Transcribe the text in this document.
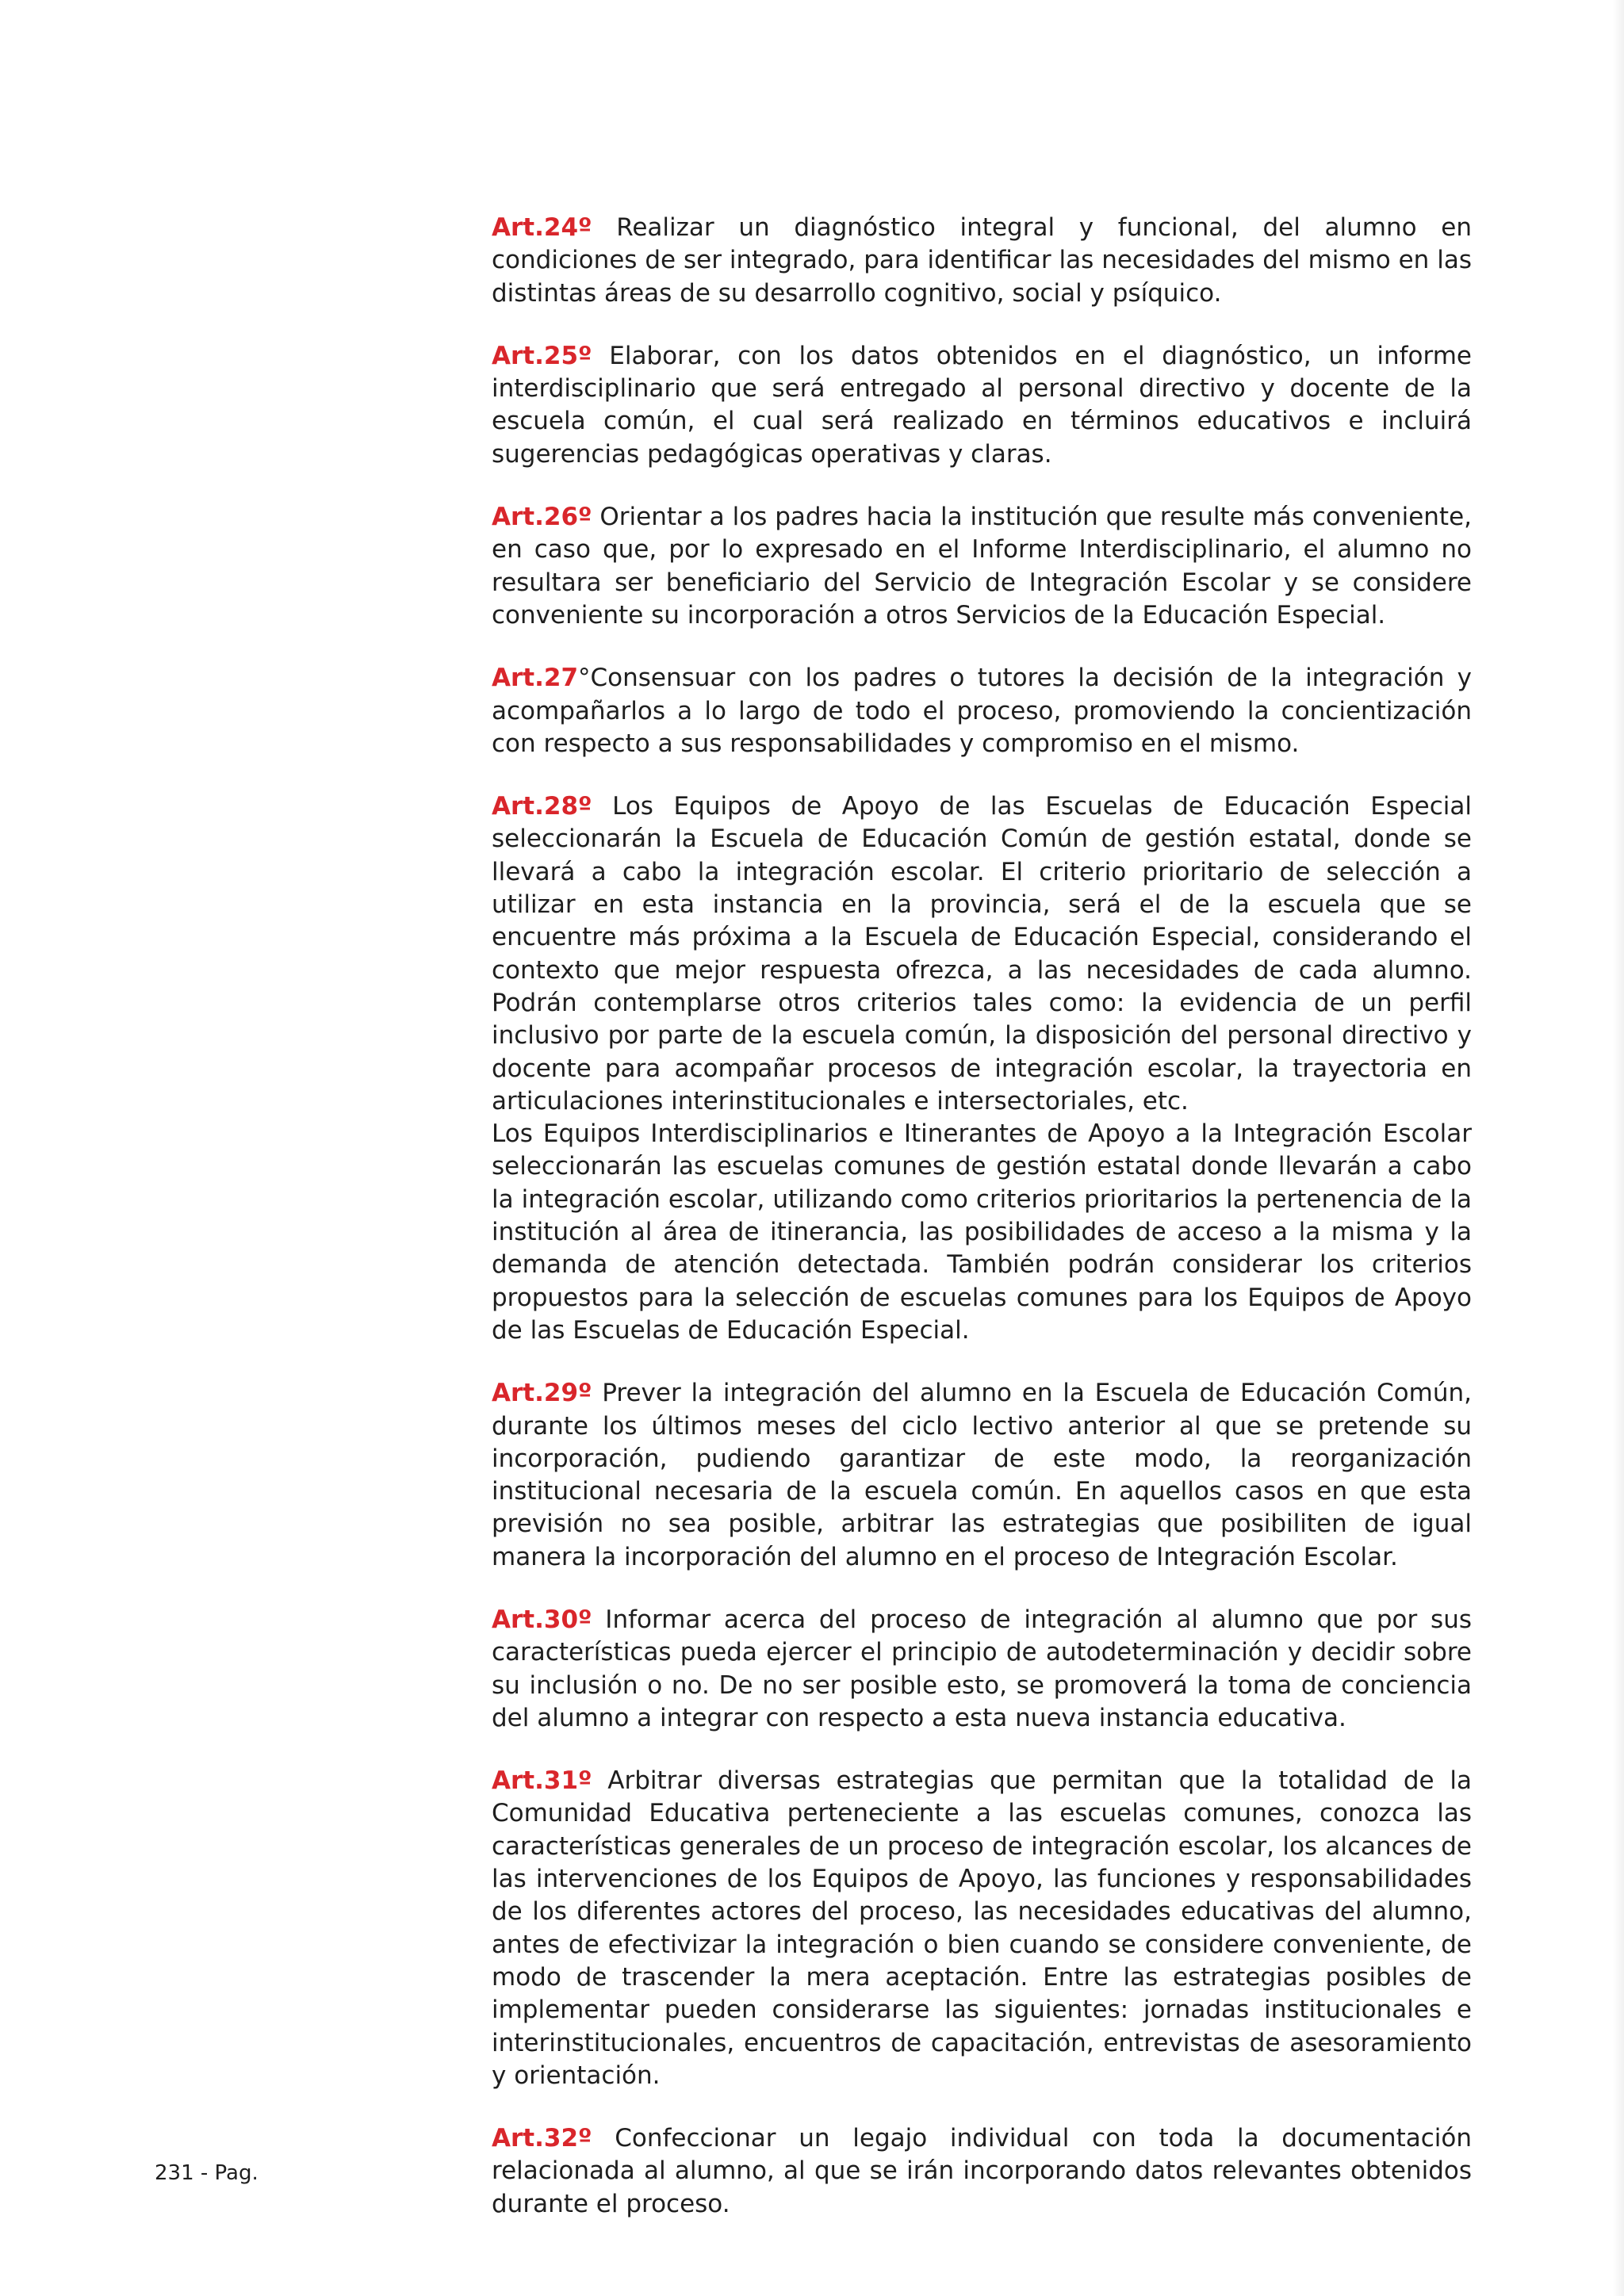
Art.24º Realizar un diagnóstico integral y funcional, del alumno en condiciones de ser integrado, para identificar las necesidades del mismo en las distintas áreas de su desarrollo cognitivo, social y psíquico.

Art.25º Elaborar, con los datos obtenidos en el diagnóstico, un informe interdisciplinario que será entregado al personal directivo y docente de la escuela común, el cual será realizado en términos educativos e incluirá sugerencias pedagógicas operativas y claras.

Art.26º Orientar a los padres hacia la institución que resulte más conveniente, en caso que, por lo expresado en el Informe Interdisciplinario, el alumno no resultara ser beneficiario del Servicio de Integración Escolar y se considere conveniente su incorporación a otros Servicios de la Educación Especial.

Art.27°Consensuar con los padres o tutores la decisión de la integración y acompañarlos a lo largo de todo el proceso, promoviendo la concientización con respecto a sus responsabilidades y compromiso en el mismo.

Art.28º Los Equipos de Apoyo de las Escuelas de Educación Especial seleccionarán la Escuela de Educación Común de gestión estatal, donde se llevará a cabo la integración escolar. El criterio prioritario de selección a utilizar en esta instancia en la provincia, será el de la escuela que se encuentre más próxima a la Escuela de Educación Especial, considerando el contexto que mejor respuesta ofrezca, a las necesidades de cada alumno. Podrán contemplarse otros criterios tales como: la evidencia de un perfil inclusivo por parte de la escuela común, la disposición del personal directivo y docente para acompañar procesos de integración escolar, la trayectoria en articulaciones interinstitucionales e intersectoriales, etc.

Los Equipos Interdisciplinarios e Itinerantes de Apoyo a la Integración Escolar seleccionarán las escuelas comunes de gestión estatal donde llevarán a cabo la integración escolar, utilizando como criterios prioritarios la pertenencia de la institución al área de itinerancia, las posibilidades de acceso a la misma y la demanda de atención detectada. También podrán considerar los criterios propuestos para la selección de escuelas comunes para los Equipos de Apoyo de las Escuelas de Educación Especial.

Art.29º Prever la integración del alumno en la Escuela de Educación Común, durante los últimos meses del ciclo lectivo anterior al que se pretende su incorporación, pudiendo garantizar de este modo, la reorganización institucional necesaria de la escuela común. En aquellos casos en que esta previsión no sea posible, arbitrar las estrategias que posibiliten de igual manera la incorporación del alumno en el proceso de Integración Escolar.

Art.30º Informar acerca del proceso de integración al alumno que por sus características pueda ejercer el principio de autodeterminación y decidir sobre su inclusión o no. De no ser posible esto, se promoverá la toma de conciencia del alumno a integrar con respecto a esta nueva instancia educativa.

Art.31º Arbitrar diversas estrategias que permitan que la totalidad de la Comunidad Educativa perteneciente a las escuelas comunes, conozca las características generales de un proceso de integración escolar, los alcances de las intervenciones de los Equipos de Apoyo, las funciones y responsabilidades de los diferentes actores del proceso, las necesidades educativas del alumno, antes de efectivizar la integración o bien cuando se considere conveniente, de modo de trascender la mera aceptación. Entre las estrategias posibles de implementar pueden considerarse las siguientes: jornadas institucionales e interinstitucionales, encuentros de capacitación, entrevistas de asesoramiento y orientación.

Art.32º Confeccionar un legajo individual con toda la documentación relacionada al alumno, al que se irán incorporando datos relevantes obtenidos durante el proceso.

231 - Pag.
